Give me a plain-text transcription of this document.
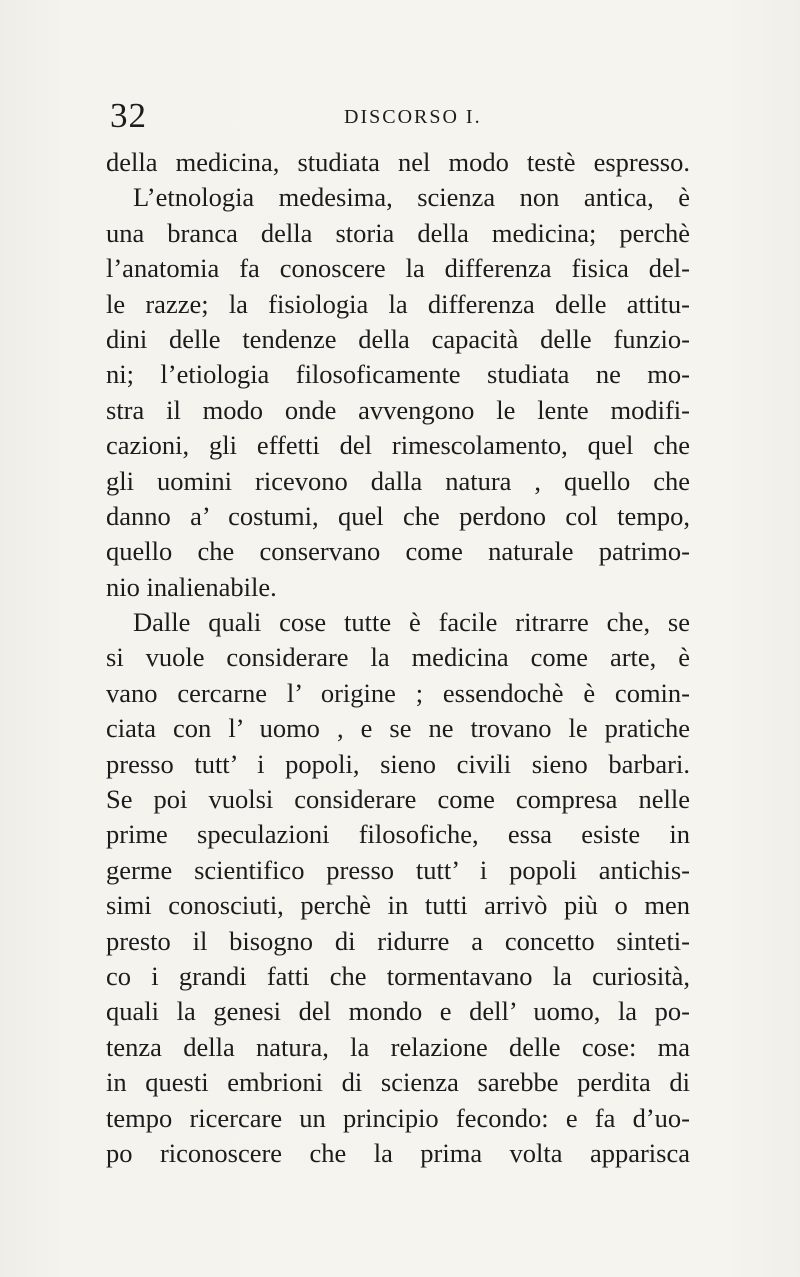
32	DISCORSO I.
della medicina, studiata nel modo testè espresso.
L’etnologia medesima, scienza non antica, è
una branca della storia della medicina; perchè
l’anatomia fa conoscere la differenza fisica del-
le razze; la fisiologia la differenza delle attitu-
dini delle tendenze della capacità delle funzio-
ni; l’etiologia filosoficamente studiata ne mo-
stra il modo onde avvengono le lente modifi-
cazioni, gli effetti del rimescolamento, quel che
gli uomini ricevono dalla natura , quello che
danno a’ costumi, quel che perdono col tempo,
quello che conservano come naturale patrimo-
nio inalienabile.
Dalle quali cose tutte è facile ritrarre che, se
si vuole considerare la medicina come arte, è
vano cercarne l’ origine ; essendochè è comin-
ciata con l’ uomo , e se ne trovano le pratiche
presso tutt’ i popoli, sieno civili sieno barbari.
Se poi vuolsi considerare come compresa nelle
prime speculazioni filosofiche, essa esiste in
germe scientifico presso tutt’ i popoli antichis-
simi conosciuti, perchè in tutti arrivò più o men
presto il bisogno di ridurre a concetto sinteti-
co i grandi fatti che tormentavano la curiosità,
quali la genesi del mondo e dell’ uomo, la po-
tenza della natura, la relazione delle cose: ma
in questi embrioni di scienza sarebbe perdita di
tempo ricercare un principio fecondo: e fa d’uo-
po riconoscere che la prima volta apparisca
